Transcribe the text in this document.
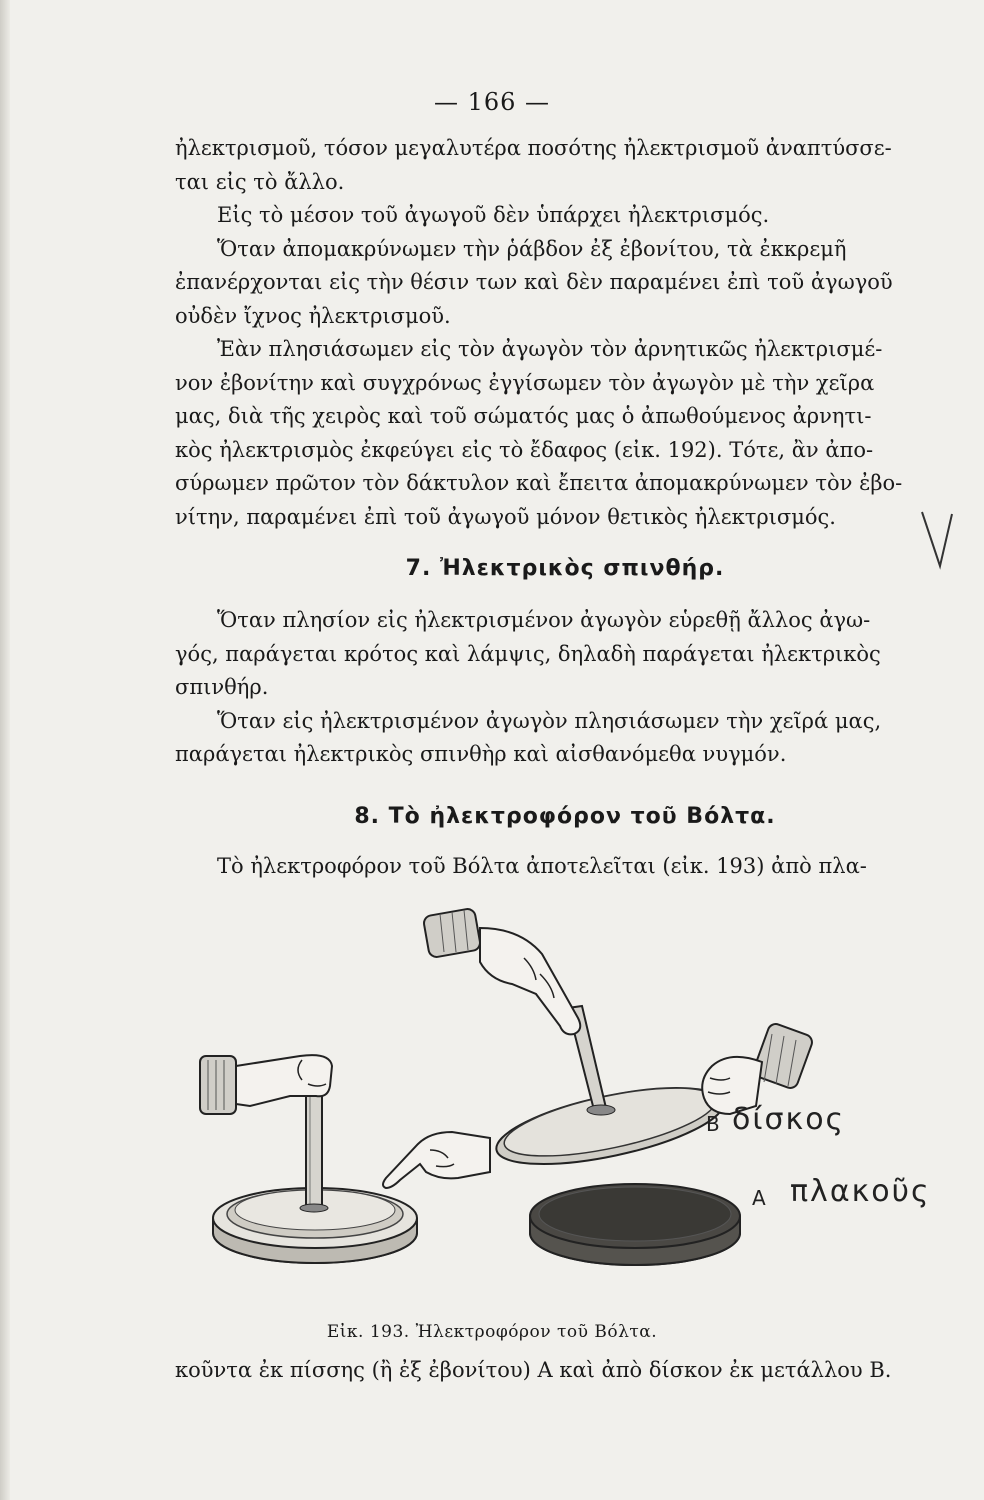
— 166 —

ἠλεκτρισμοῦ, τόσον μεγαλυτέρα ποσότης ἠλεκτρισμοῦ ἀναπτύσσε-

ται εἰς τὸ ἄλλο.

Εἰς τὸ μέσον τοῦ ἀγωγοῦ δὲν ὑπάρχει ἠλεκτρισμός.

Ὅταν ἀπομακρύνωμεν τὴν ῥάβδον ἐξ ἐβονίτου, τὰ ἐκκρεμῆ

ἐπανέρχονται εἰς τὴν θέσιν των καὶ δὲν παραμένει ἐπὶ τοῦ ἀγωγοῦ

οὐδὲν ἴχνος ἠλεκτρισμοῦ.

Ἐὰν πλησιάσωμεν εἰς τὸν ἀγωγὸν τὸν ἀρνητικῶς ἠλεκτρισμέ-

νον ἐβονίτην καὶ συγχρόνως ἐγγίσωμεν τὸν ἀγωγὸν μὲ τὴν χεῖρα

μας, διὰ τῆς χειρὸς καὶ τοῦ σώματός μας ὁ ἀπωθούμενος ἀρνητι-

κὸς ἠλεκτρισμὸς ἐκφεύγει εἰς τὸ ἔδαφος (εἰκ. 192). Τότε, ἂν ἀπο-

σύρωμεν πρῶτον τὸν δάκτυλον καὶ ἔπειτα ἀπομακρύνωμεν τὸν ἐβο-

νίτην, παραμένει ἐπὶ τοῦ ἀγωγοῦ μόνον θετικὸς ἠλεκτρισμός.

7. Ἠλεκτρικὸς σπινθήρ.

Ὅταν πλησίον εἰς ἠλεκτρισμένον ἀγωγὸν εὑρεθῇ ἄλλος ἀγω-

γός, παράγεται κρότος καὶ λάμψις, δηλαδὴ παράγεται ἠλεκτρικὸς

σπινθήρ.

Ὅταν εἰς ἠλεκτρισμένον ἀγωγὸν πλησιάσωμεν τὴν χεῖρά μας,

παράγεται ἠλεκτρικὸς σπινθὴρ καὶ αἰσθανόμεθα νυγμόν.

8. Τὸ ἠλεκτροφόρον τοῦ Βόλτα.

Τὸ ἠλεκτροφόρον τοῦ Βόλτα ἀποτελεῖται (εἰκ. 193) ἀπὸ πλα-

B δίσκος
A πλακοῦς
Εἰκ. 193. Ἠλεκτροφόρον τοῦ Βόλτα.
κοῦντα ἐκ πίσσης (ἢ ἐξ ἐβονίτου) Α καὶ ἀπὸ δίσκον ἐκ μετάλλου Β.
